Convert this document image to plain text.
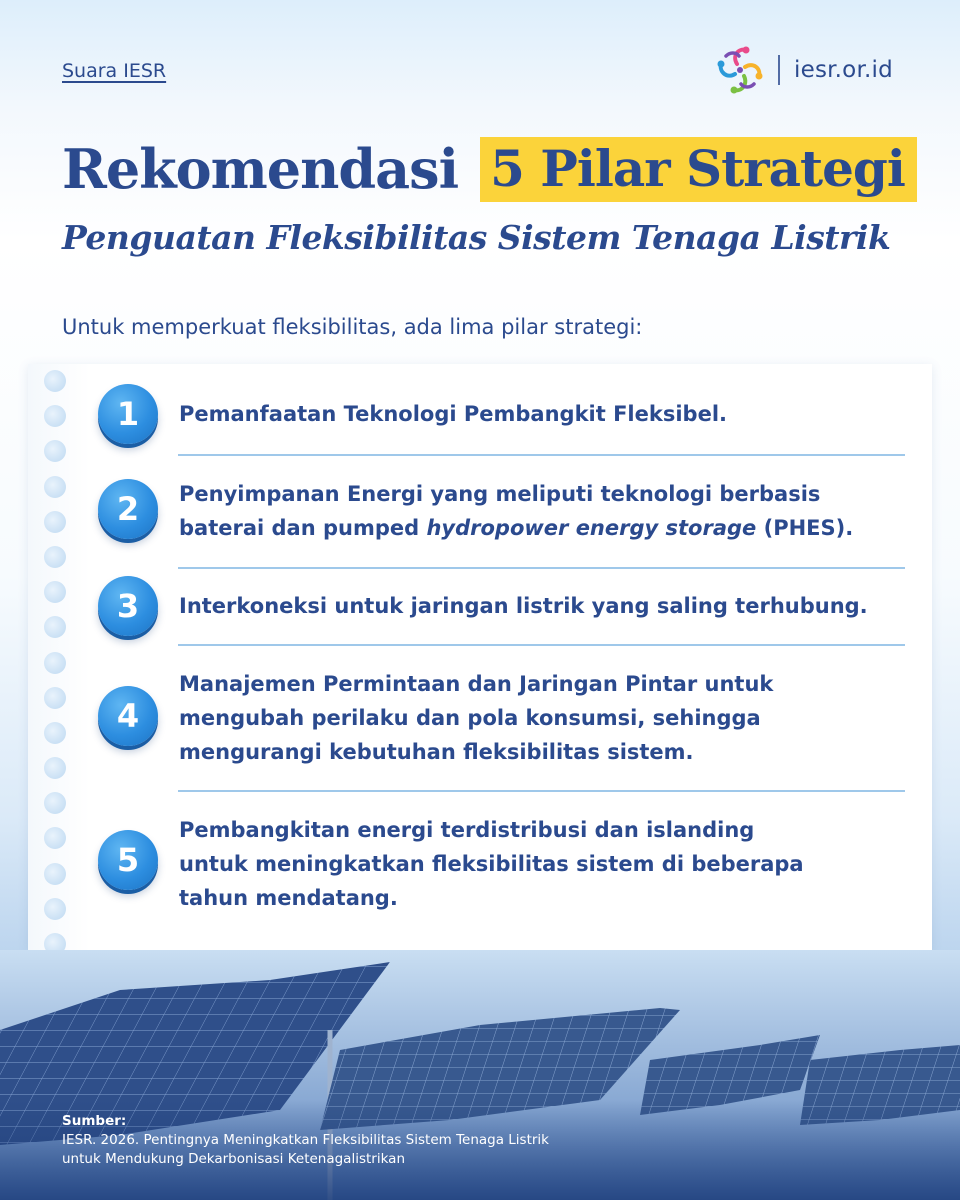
Suara IESR	iesr.or.id
Rekomendasi 5 Pilar Strategi
Penguatan Fleksibilitas Sistem Tenaga Listrik
Untuk memperkuat fleksibilitas, ada lima pilar strategi:
1	Pemanfaatan Teknologi Pembangkit Fleksibel.
2	Penyimpanan Energi yang meliputi teknologi berbasis
baterai dan pumped hydropower energy storage (PHES).
3	Interkoneksi untuk jaringan listrik yang saling terhubung.
4
Manajemen Permintaan dan Jaringan Pintar untuk
mengubah perilaku dan pola konsumsi, sehingga
mengurangi kebutuhan fleksibilitas sistem.
5
Pembangkitan energi terdistribusi dan islanding
untuk meningkatkan fleksibilitas sistem di beberapa
tahun mendatang.
Sumber:
IESR. 2026. Pentingnya Meningkatkan Fleksibilitas Sistem Tenaga Listrik
untuk Mendukung Dekarbonisasi Ketenagalistrikan
